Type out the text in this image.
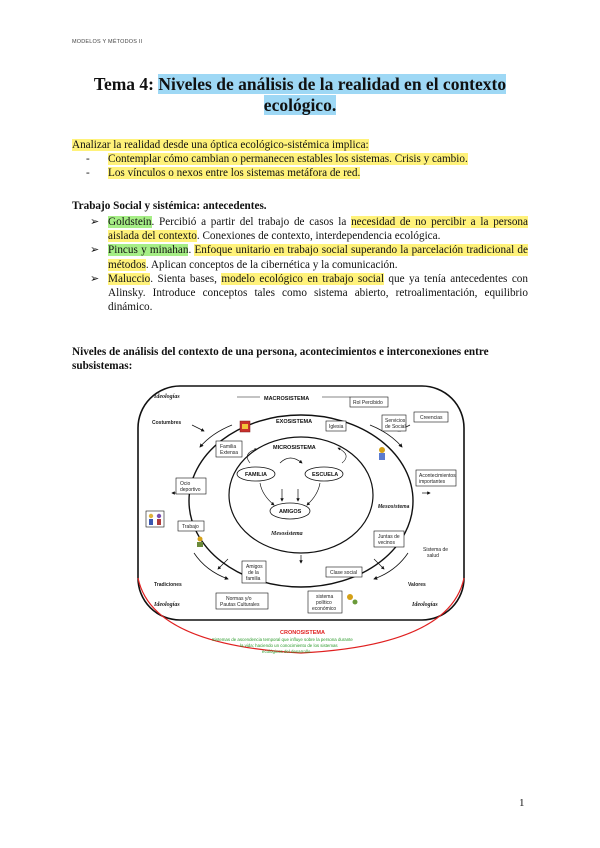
MODELOS Y MÉTODOS II
Tema 4: Niveles de análisis de la realidad en el contexto ecológico.
Analizar la realidad desde una óptica ecológico-sistémica implica:
- Contemplar cómo cambian o permanecen estables los sistemas. Crisis y cambio.
- Los vínculos o nexos entre los sistemas metáfora de red.
Trabajo Social y sistémica: antecedentes.
➢ Goldstein. Percibió a partir del trabajo de casos la necesidad de no percibir a la persona aislada del contexto. Conexiones de contexto, interdependencia ecológica.
➢ Pincus y minahan. Enfoque unitario en trabajo social superando la parcelación tradicional de métodos. Aplican conceptos de la cibernética y la comunicación.
➢ Maluccio. Sienta bases, modelo ecológico en trabajo social que ya tenía antecedentes con Alinsky. Introduce conceptos tales como sistema abierto, retroalimentación, equilibrio dinámico.
Niveles de análisis del contexto de una persona, acontecimientos e interconexiones entre subsistemas:
MACROSISTEMA
EXOSISTEMA
MICROSISTEMA
FAMILIA	ESCUELA
AMIGOS
Mesosistema
Ideologías
Costumbres
Creencias
Tradiciones
Ideologías
Valores
Ideologías
Rol Percibido
Iglesia
Familia
Extensa
Servicios
de Social
Ocio
deportivo
Acontecimientos
importantes
Mesosistema
Trabajo
Juntas de
vecinos
Sistema de
salud
Amigos
de la
familia
Clase social
Normas y/o
Pautas Culturales
sistema
político
económico
CRONOSISTEMA
Sistemas de ascendencia temporal que influye sobre la persona durante
la vida; haciendo un conocimiento de los sistemas
ecológicos del desarrollo.
1
